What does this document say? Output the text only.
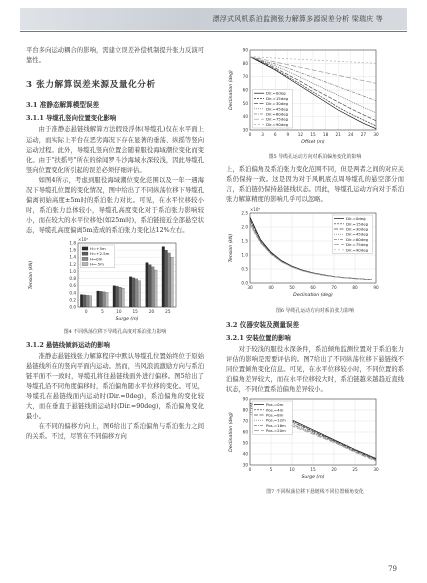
漂浮式风机系泊监测张力解算多源误差分析 梁瑞庆 等

平台多向运动耦合的影响，需建立误差补偿机制提升张力反演可靠性。

3 张力解算误差来源及量化分析
3.1 准静态解算模型误差
3.1.1 导缆孔竖向位置变化影响

由于准静态悬链线解算方法假设浮体(导缆孔)仅在水平面上运动，而实际上平台在恶劣海况下存在显著的垂荡、纵摇等竖向运动过程。此外，导缆孔竖向位置会随着服役海域潮位变化而变化。由于"扶摇号"所在的徐闻罗斗沙海域水深较浅，因此导缆孔竖向位置变化所引起的误差必须仔细评估。

如图4所示，考虑到服役海域潮位变化范围以及一年一遇海况下导缆孔位置的变化情况，图中给出了不同纵荡位移下导缆孔偏离初始高度±5m时的系泊张力对比。可见，在水平位移较小时，系泊张力总体较小，导缆孔高度变化对于系泊张力影响较小，而在较大的水平位移处(如25m时)，系泊链接近全部悬空状态，导缆孔高度偏离5m造成的系泊张力变化达12%左右。

0.0
0.2
0.4
0.6
0.8
1.0
1.2
1.4
1.6
1.8
×10⁵
Surge (m)
Tension (kN)
0	5	10	15	20	25
H=+5m
H=+2.5m
H=0m
H=-5m
图4 不同纵荡位移下导缆孔高度对系泊张力影响
3.1.2 悬链线倾斜运动的影响

准静态悬链线张力解算程序中默认导缆孔位置始终位于原始悬链线所在的竖向平面内运动。然而，当风浪流激励方向与系泊链平面不一致时，导缆孔将往悬链线面外进行偏移。图5给出了导缆孔沿不同角度偏移时，系泊偏角随水平位移的变化。可见，导缆孔在悬链线面内运动时(Dir.=0deg)，系泊偏角的变化较大，而在垂直于悬链线面运动时(Dir.=90deg)，系泊偏角变化最小。

在不同的偏移方向上，图6给出了系泊偏角与系泊张力之间的关系。不过，尽管在不同偏移方向

30
40
50
60
70
80
90
0 3 6 9 12 15 18 21 24 27 30
Offset (m)
Declination (deg)	Dir.=0deg
Dir.=15deg
Dir.=30deg
Dir.=45deg
Dir.=60deg
Dir.=75deg
Dir.=90deg
图5 导缆孔运动方向对系泊偏角变化的影响

上，系泊偏角及系泊张力变化范围不同，但是两者之间的对应关系仍保持一致。这是因为对于风帆底点周导缆孔的悬空部分而言，系泊链仍保持悬链线状态。因此，导缆孔运动方向对于系泊张力解算精度的影响几乎可以忽略。

0.0
0.5
1.0
1.5
2.0
2.5
30	40	50	60	70	80	90
×10⁵
Declination (deg)
Tension (kN)
Dir.=0deg
Dir.=15deg
Dir.=30deg
Dir.=45deg
Dir.=60deg
Dir.=75deg
Dir.=90deg
图6 导缆孔运动方向对系泊张力影响
3.2 仪器安装及测量误差
3.2.1 安装位置的影响

对于较浅的服役水深条件，系泊倾角监测位置对于系泊张力评估的影响是需要评估的。图7给出了不同纵荡位移下悬链线不同位置倾角变化信息。可见，在水平位移较小时，不同位置的系泊偏角差异较大，而在水平位移较大时，系泊链越来越趋近直线状态，不同位置系泊偏角差异较小。

30
40
50
60
70
80
90
0	5	10	15	20	25	30
Surge (m)
Declination (deg)
Pos.=0m
Pos.=4m
Pos.=8m
Pos.=12m
Pos.=16m
Pos.=20m
图7 不同纵荡位移下悬链线不同位置倾角变化
79
